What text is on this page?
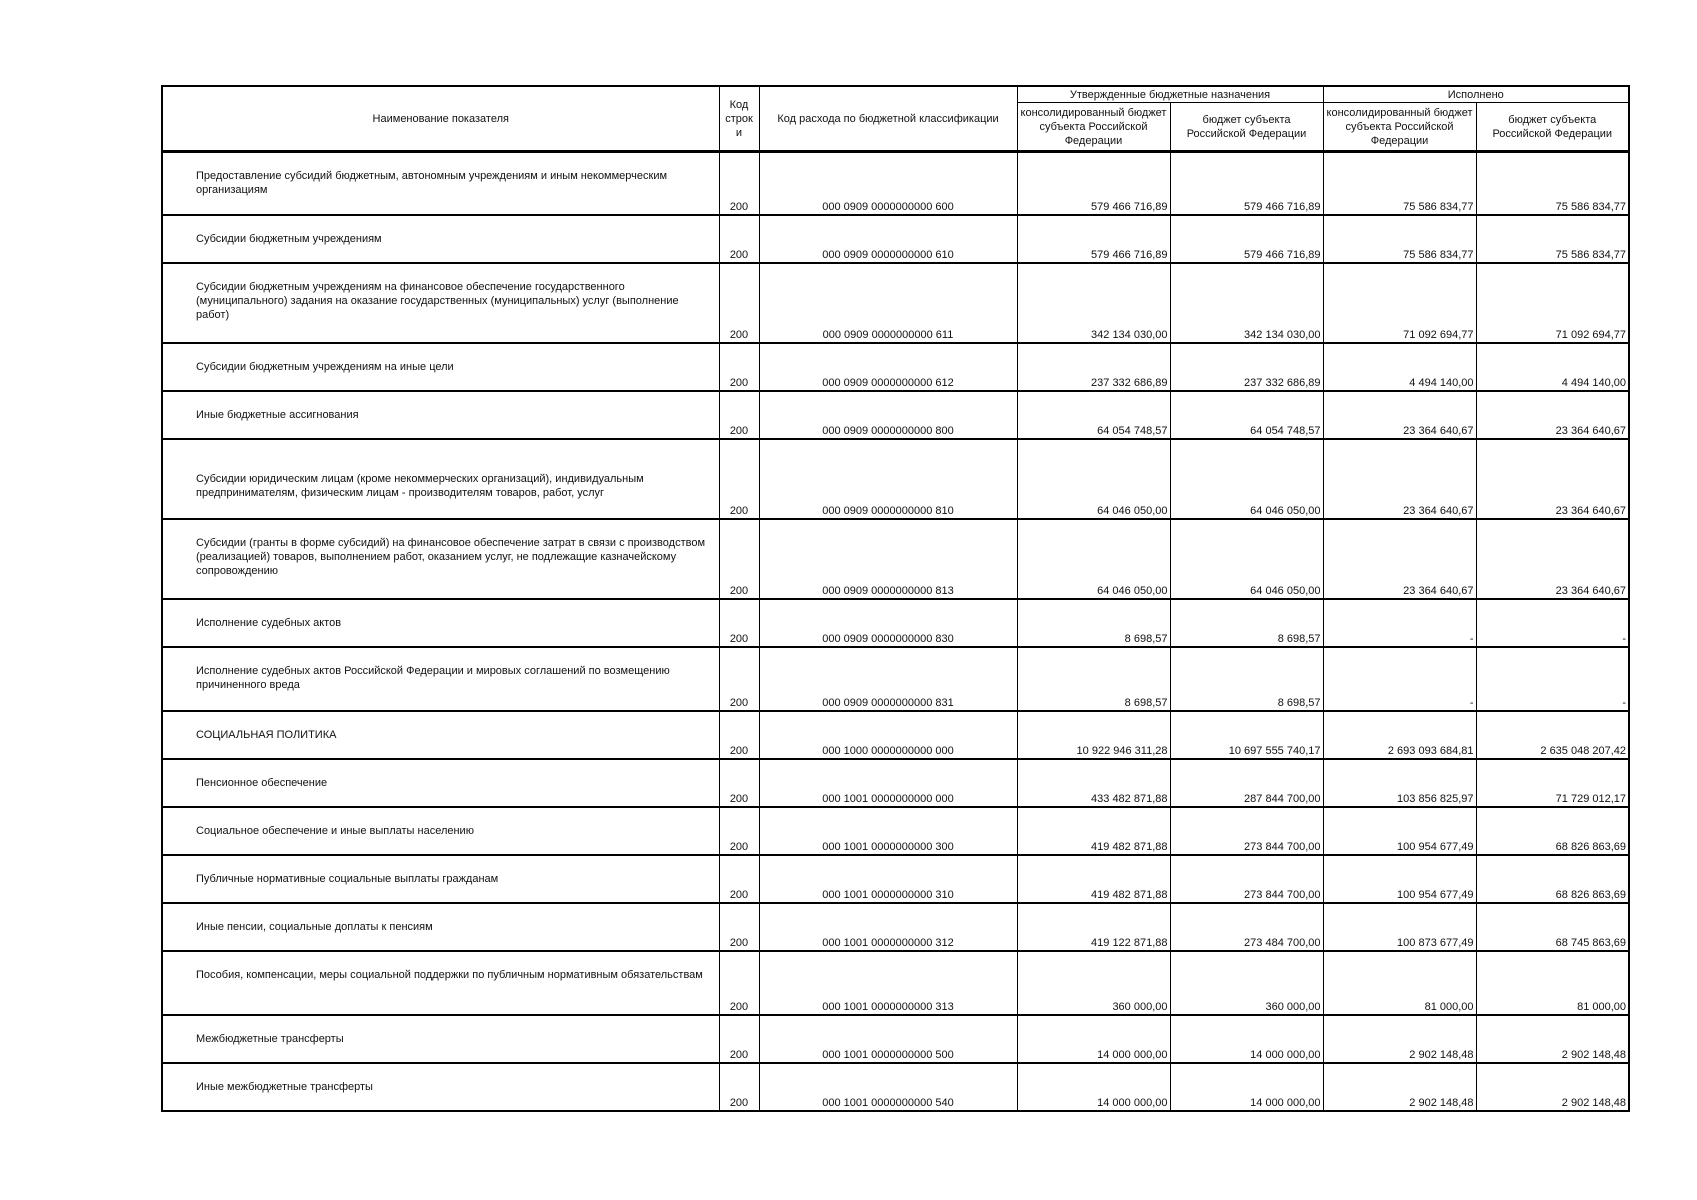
Наименование показателя	Код строк и	Код расхода по бюджетной классификации	Утвержденные бюджетные назначения		Исполнено	
			консолидированный бюджет субъекта Российской Федерации	бюджет субъекта Российской Федерации	консолидированный бюджет субъекта Российской Федерации	бюджет субъекта Российской Федерации
Предоставление субсидий бюджетным, автономным учреждениям и иным некоммерческим организациям	200	000 0909 0000000000 600	579 466 716,89	579 466 716,89	75 586 834,77	75 586 834,77
Субсидии бюджетным учреждениям	200	000 0909 0000000000 610	579 466 716,89	579 466 716,89	75 586 834,77	75 586 834,77
Субсидии бюджетным учреждениям на финансовое обеспечение государственного (муниципального) задания на оказание государственных (муниципальных) услуг (выполнение работ)	200	000 0909 0000000000 611	342 134 030,00	342 134 030,00	71 092 694,77	71 092 694,77
Субсидии бюджетным учреждениям на иные цели	200	000 0909 0000000000 612	237 332 686,89	237 332 686,89	4 494 140,00	4 494 140,00
Иные бюджетные ассигнования	200	000 0909 0000000000 800	64 054 748,57	64 054 748,57	23 364 640,67	23 364 640,67
Субсидии юридическим лицам (кроме некоммерческих организаций), индивидуальным предпринимателям, физическим лицам - производителям товаров, работ, услуг	200	000 0909 0000000000 810	64 046 050,00	64 046 050,00	23 364 640,67	23 364 640,67
Субсидии (гранты в форме субсидий) на финансовое обеспечение затрат в связи с производством (реализацией) товаров, выполнением работ, оказанием услуг, не подлежащие казначейскому сопровождению	200	000 0909 0000000000 813	64 046 050,00	64 046 050,00	23 364 640,67	23 364 640,67
Исполнение судебных актов	200	000 0909 0000000000 830	8 698,57	8 698,57	-	-
Исполнение судебных актов Российской Федерации и мировых соглашений по возмещению причиненного вреда	200	000 0909 0000000000 831	8 698,57	8 698,57	-	-
СОЦИАЛЬНАЯ ПОЛИТИКА	200	000 1000 0000000000 000	10 922 946 311,28	10 697 555 740,17	2 693 093 684,81	2 635 048 207,42
Пенсионное обеспечение	200	000 1001 0000000000 000	433 482 871,88	287 844 700,00	103 856 825,97	71 729 012,17
Социальное обеспечение и иные выплаты населению	200	000 1001 0000000000 300	419 482 871,88	273 844 700,00	100 954 677,49	68 826 863,69
Публичные нормативные социальные выплаты гражданам	200	000 1001 0000000000 310	419 482 871,88	273 844 700,00	100 954 677,49	68 826 863,69
Иные пенсии, социальные доплаты к пенсиям	200	000 1001 0000000000 312	419 122 871,88	273 484 700,00	100 873 677,49	68 745 863,69
Пособия, компенсации, меры социальной поддержки по публичным нормативным обязательствам	200	000 1001 0000000000 313	360 000,00	360 000,00	81 000,00	81 000,00
Межбюджетные трансферты	200	000 1001 0000000000 500	14 000 000,00	14 000 000,00	2 902 148,48	2 902 148,48
Иные межбюджетные трансферты	200	000 1001 0000000000 540	14 000 000,00	14 000 000,00	2 902 148,48	2 902 148,48
